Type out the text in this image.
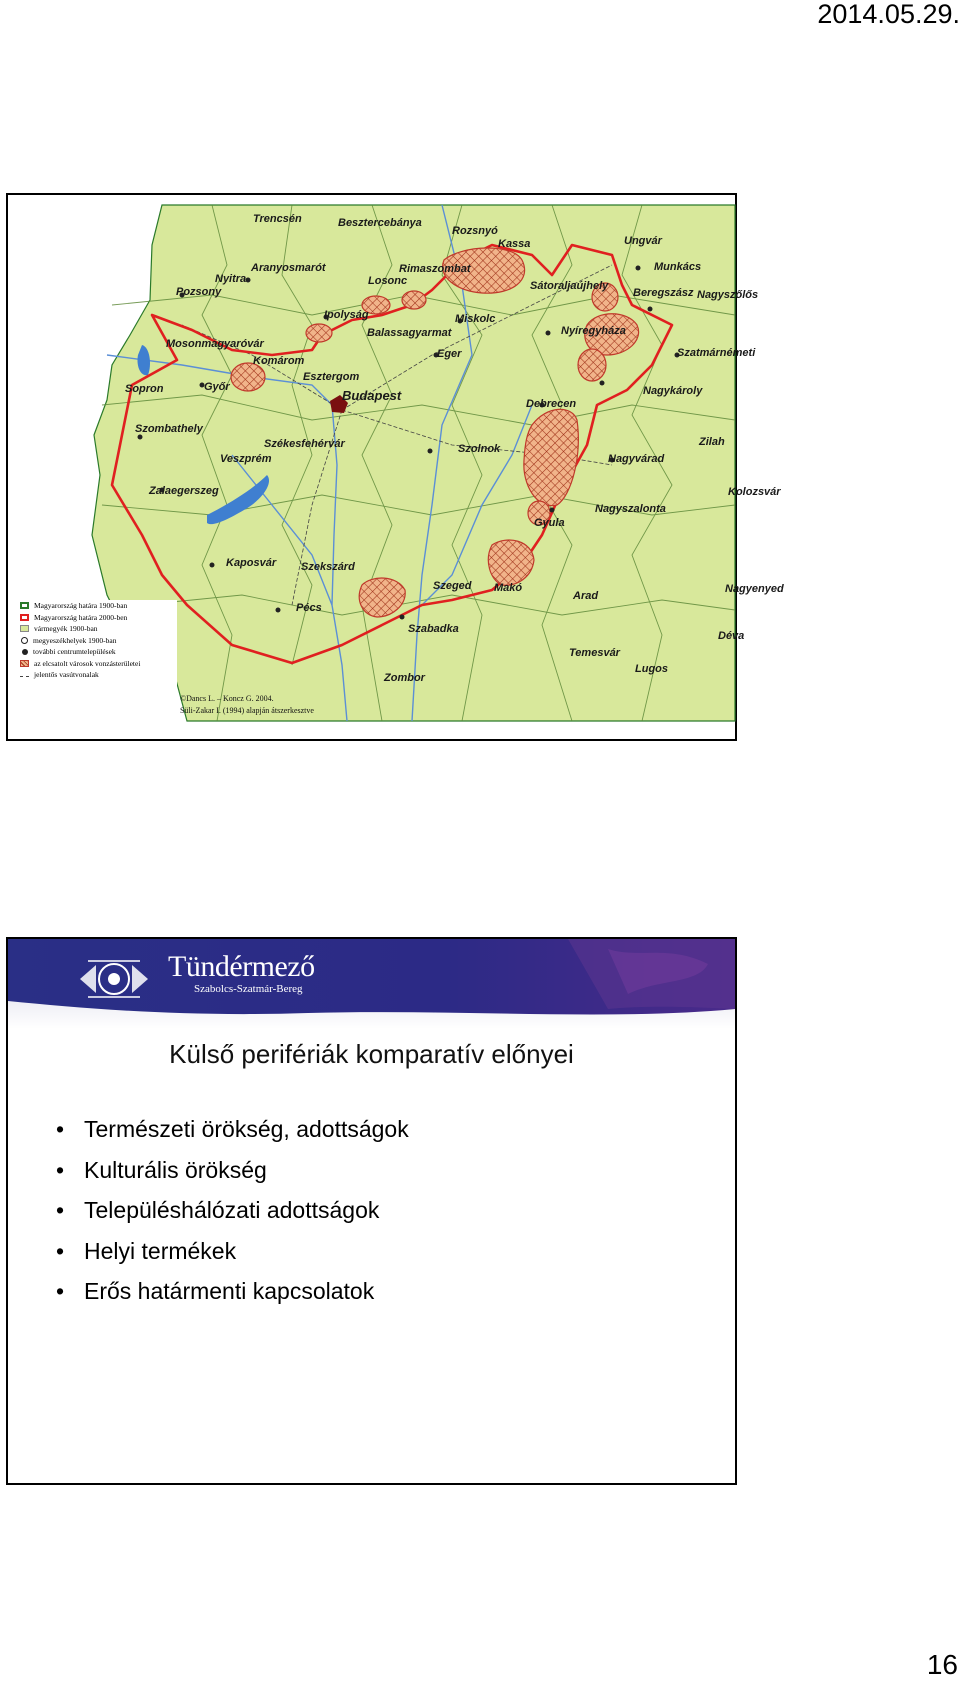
2014.05.29.
Trencsén	Besztercebánya
Rozsnyó
Kassa	Ungvár
Munkács
Aranyosmarót	Rimaszombat
Nyitra	Losonc	Sátoraljaújhely
Beregszász Nagyszőlős
Pozsony
Ipolyság	Miskolc
Balassagyarmat	Nyíregyháza
Szatmárnémeti
Mosonmagyaróvár
Eger
Komárom
Esztergom
Nagykároly
Sopron	Győr
Budapest
Debrecen
Szombathely
Székesfehérvár	Szolnok
Zilah
Veszprém	Nagyvárad
Zalaegerszeg	Kolozsvár
Nagyszalonta
Gyula
Kaposvár Szekszárd
Szeged Makó	Nagyenyed
Arad
Pécs
Szabadka
Déva
Temesvár
Lugos
Zombor
Magyarország határa 1900-ban
Magyarország határa 2000-ben
vármegyék 1900-ban
megyeszékhelyek 1900-ban
további centrumtelepülések
az elcsatolt városok vonzásterületei
jelentős vasútvonalak
©Dancs L. – Koncz G. 2004.
Süli-Zakar I. (1994) alapján átszerkesztve
Tündérmező
Szabolcs-Szatmár-Bereg
Külső perifériák komparatív előnyei
• Természeti örökség, adottságok
• Kulturális örökség
• Településhálózati adottságok
• Helyi termékek
• Erős határmenti kapcsolatok
16
